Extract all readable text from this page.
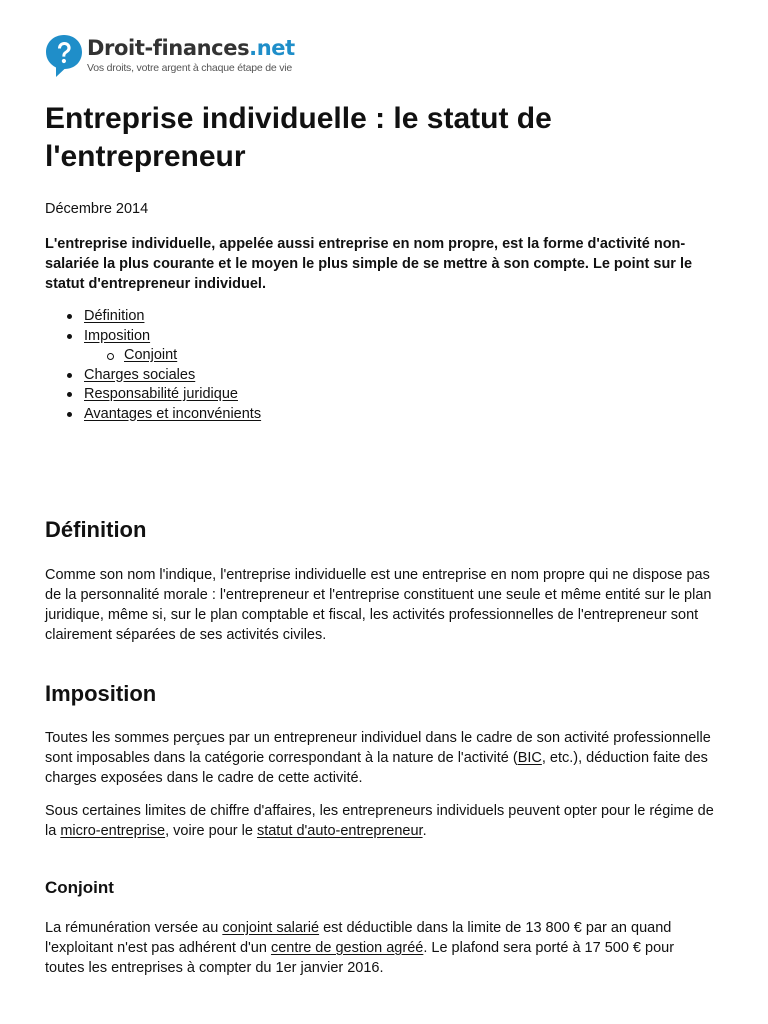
Droit-finances.net
Vos droits, votre argent à chaque étape de vie
Entreprise individuelle : le statut de l'entrepreneur
Décembre 2014

L'entreprise individuelle, appelée aussi entreprise en nom propre, est la forme d'activité non-salariée la plus courante et le moyen le plus simple de se mettre à son compte. Le point sur le statut d'entrepreneur individuel.

Définition
Imposition
Conjoint
Charges sociales
Responsabilité juridique
Avantages et inconvénients
Définition

Comme son nom l'indique, l'entreprise individuelle est une entreprise en nom propre qui ne dispose pas de la personnalité morale : l'entrepreneur et l'entreprise constituent une seule et même entité sur le plan juridique, même si, sur le plan comptable et fiscal, les activités professionnelles de l'entrepreneur sont clairement séparées de ses activités civiles.

Imposition

Toutes les sommes perçues par un entrepreneur individuel dans le cadre de son activité professionnelle sont imposables dans la catégorie correspondant à la nature de l'activité (BIC, etc.), déduction faite des charges exposées dans le cadre de cette activité.

Sous certaines limites de chiffre d'affaires, les entrepreneurs individuels peuvent opter pour le régime de la micro-entreprise, voire pour le statut d'auto-entrepreneur.

Conjoint

La rémunération versée au conjoint salarié est déductible dans la limite de 13 800 € par an quand l'exploitant n'est pas adhérent d'un centre de gestion agréé. Le plafond sera porté à 17 500 € pour toutes les entreprises à compter du 1er janvier 2016.
